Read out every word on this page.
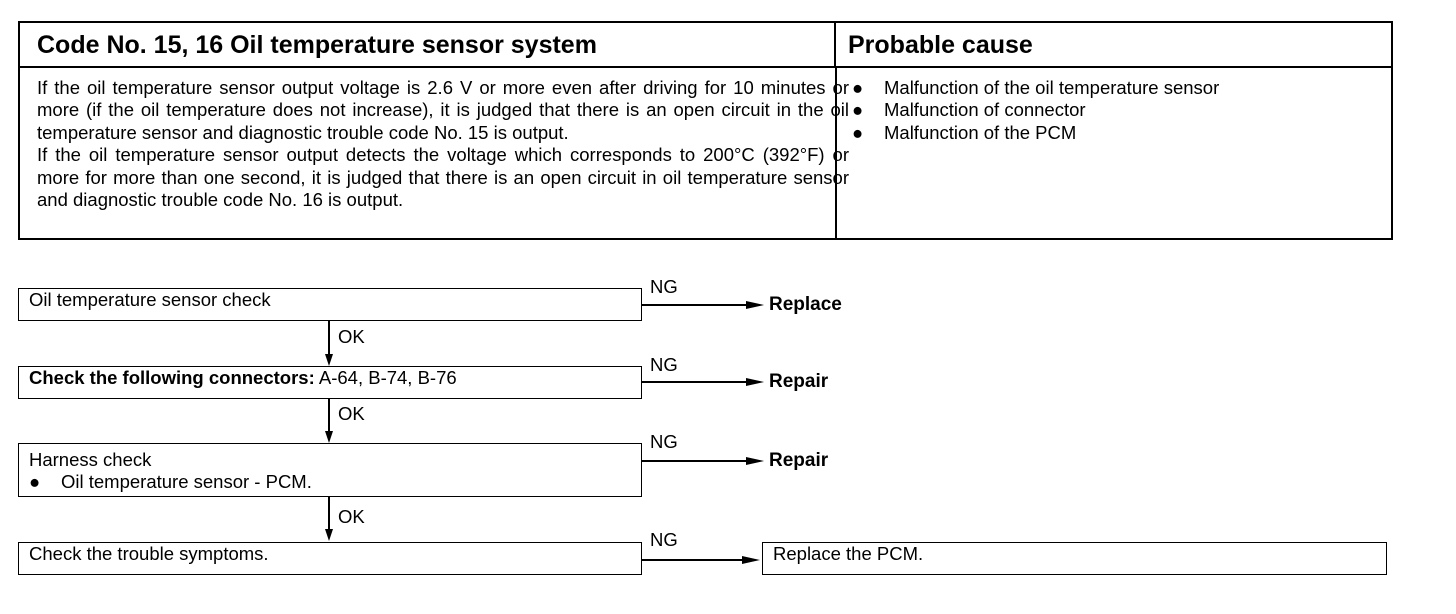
Code No. 15, 16 Oil temperature sensor system	Probable cause

If the oil temperature sensor output voltage is 2.6 V or more even after driving for 10 minutes or more (if the oil temperature does not increase), it is judged that there is an open circuit in the oil temperature sensor and diagnostic trouble code No. 15 is output.

If the oil temperature sensor output detects the voltage which corresponds to 200°C (392°F) or more for more than one second, it is judged that there is an open circuit in oil temperature sensor and diagnostic trouble code No. 16 is output.

● Malfunction of the oil temperature sensor
● Malfunction of connector
● Malfunction of the PCM
Oil temperature sensor check
NG
Replace
OK
Check the following connectors: A-64, B-74, B-76
NG
Repair
OK
Harness check
● Oil temperature sensor - PCM.
NG
Repair
OK
Check the trouble symptoms.
NG
Replace the PCM.
